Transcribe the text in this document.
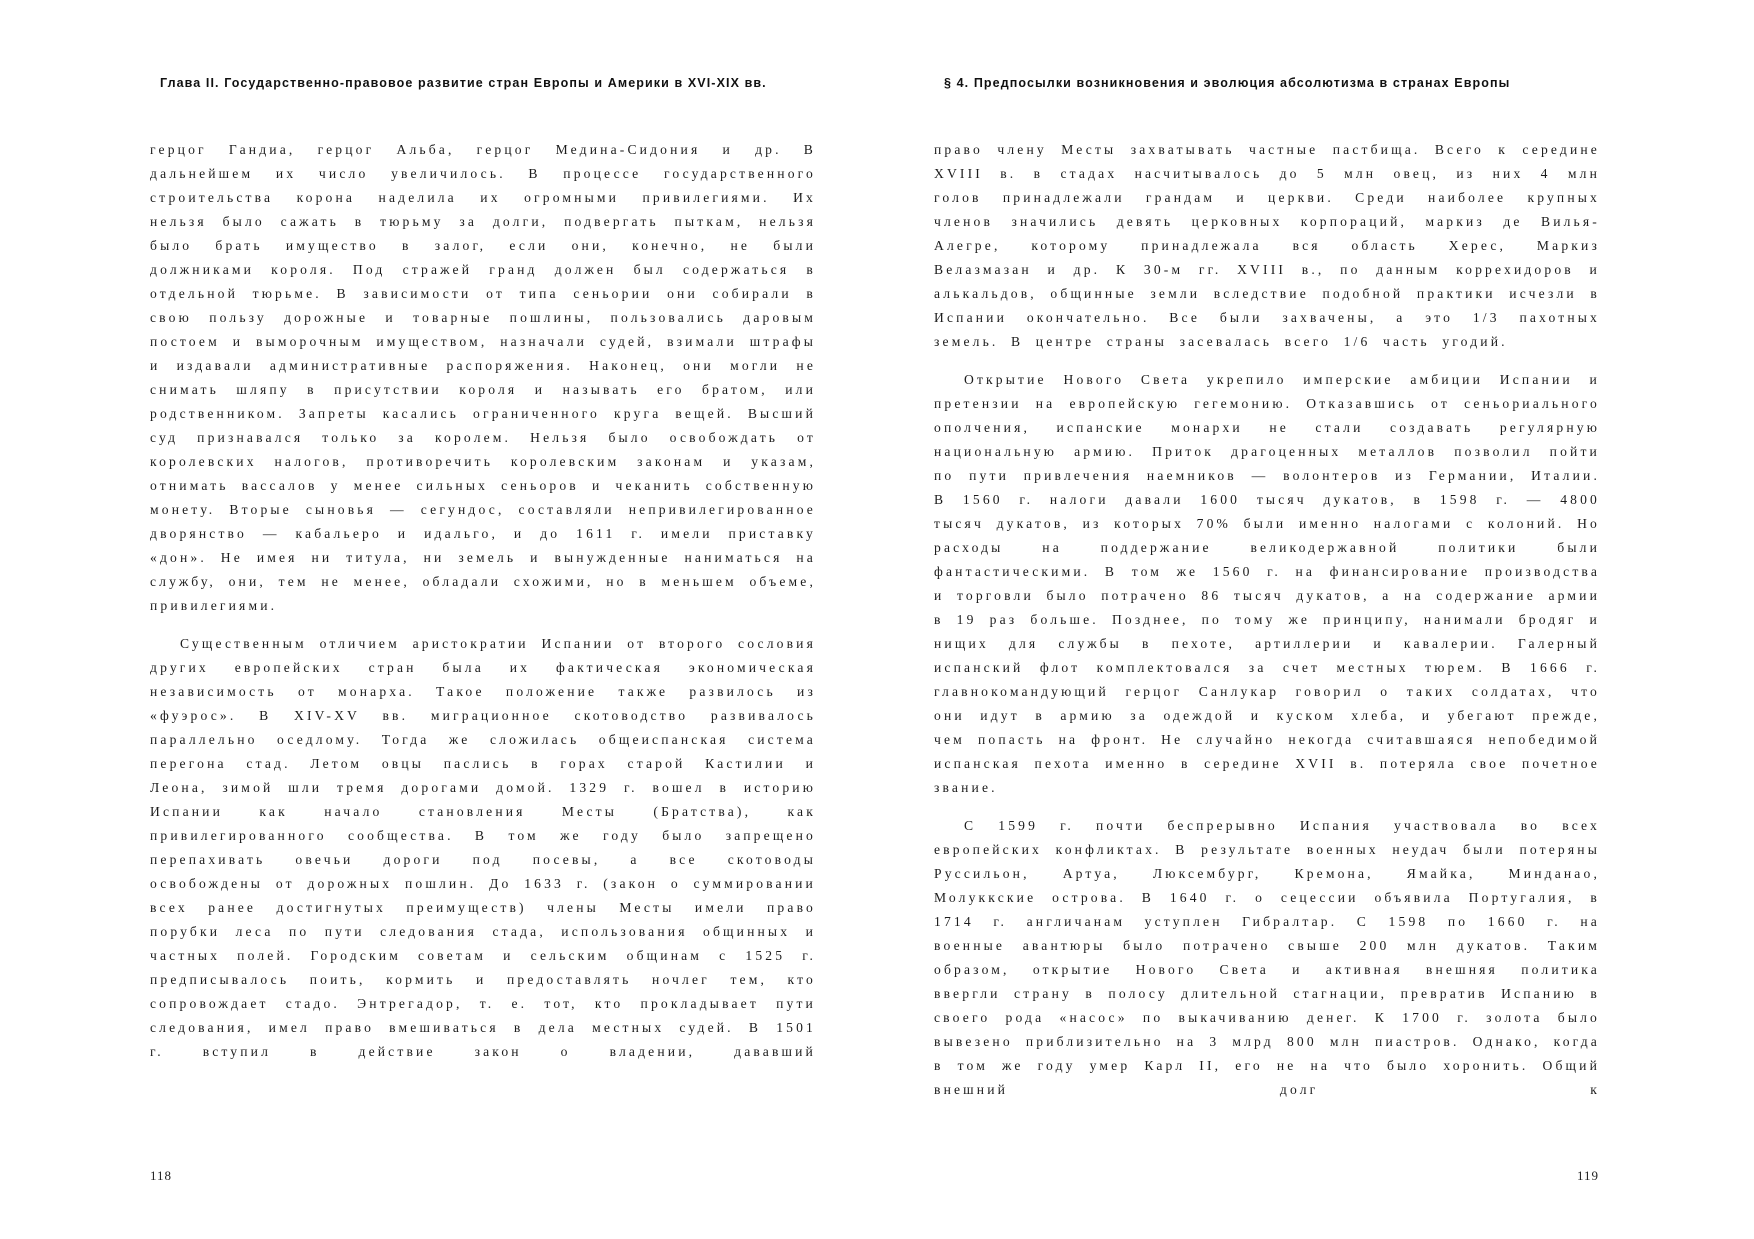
Глава II. Государственно-правовое развитие стран Европы и Америки в XVI-XIX вв.

герцог Гандиа, герцог Альба, герцог Медина-Сидония и др. В дальнейшем их число увеличилось. В процессе государственного строительства корона наделила их огромными привилегиями. Их нельзя было сажать в тюрьму за долги, подвергать пыткам, нельзя было брать имущество в залог, если они, конечно, не были должниками короля. Под стражей гранд должен был содержаться в отдельной тюрьме. В зависимости от типа сеньории они собирали в свою пользу дорожные и товарные пошлины, пользовались даровым постоем и выморочным имуществом, назначали судей, взимали штрафы и издавали административные распоряжения. Наконец, они могли не снимать шляпу в присутствии короля и называть его братом, или родственником. Запреты касались ограниченного круга вещей. Высший суд признавался только за королем. Нельзя было освобождать от королевских налогов, противоречить королевским законам и указам, отнимать вассалов у менее сильных сеньоров и чеканить собственную монету. Вторые сыновья — сегундос, составляли непривилегированное дворянство — кабальеро и идальго, и до 1611 г. имели приставку «дон». Не имея ни титула, ни земель и вынужденные наниматься на службу, они, тем не менее, обладали схожими, но в меньшем объеме, привилегиями.

Существенным отличием аристократии Испании от второго сословия других европейских стран была их фактическая экономическая независимость от монарха. Такое положение также развилось из «фуэрос». В XIV-XV вв. миграционное скотоводство развивалось параллельно оседлому. Тогда же сложилась общеиспанская система перегона стад. Летом овцы паслись в горах старой Кастилии и Леона, зимой шли тремя дорогами домой. 1329 г. вошел в историю Испании как начало становления Месты (Братства), как привилегированного сообщества. В том же году было запрещено перепахивать овечьи дороги под посевы, а все скотоводы освобождены от дорожных пошлин. До 1633 г. (закон о суммировании всех ранее достигнутых преимуществ) члены Месты имели право порубки леса по пути следования стада, использования общинных и частных полей. Городским советам и сельским общинам с 1525 г. предписывалось поить, кормить и предоставлять ночлег тем, кто сопровождает стадо. Энтрегадор, т. е. тот, кто прокладывает пути следования, имел право вмешиваться в дела местных судей. В 1501 г. вступил в действие закон о владении, дававший

118
§ 4. Предпосылки возникновения и эволюция абсолютизма в странах Европы

право члену Месты захватывать частные пастбища. Всего к середине XVIII в. в стадах насчитывалось до 5 млн овец, из них 4 млн голов принадлежали грандам и церкви. Среди наиболее крупных членов значились девять церковных корпораций, маркиз де Вилья-Алегре, которому принадлежала вся область Херес, Маркиз Велазмазан и др. К 30-м гг. XVIII в., по данным коррехидоров и алькальдов, общинные земли вследствие подобной практики исчезли в Испании окончательно. Все были захвачены, а это 1/3 пахотных земель. В центре страны засевалась всего 1/6 часть угодий.

Открытие Нового Света укрепило имперские амбиции Испании и претензии на европейскую гегемонию. Отказавшись от сеньориального ополчения, испанские монархи не стали создавать регулярную национальную армию. Приток драгоценных металлов позволил пойти по пути привлечения наемников — волонтеров из Германии, Италии. В 1560 г. налоги давали 1600 тысяч дукатов, в 1598 г. — 4800 тысяч дукатов, из которых 70% были именно налогами с колоний. Но расходы на поддержание великодержавной политики были фантастическими. В том же 1560 г. на финансирование производства и торговли было потрачено 86 тысяч дукатов, а на содержание армии в 19 раз больше. Позднее, по тому же принципу, нанимали бродяг и нищих для службы в пехоте, артиллерии и кавалерии. Галерный испанский флот комплектовался за счет местных тюрем. В 1666 г. главнокомандующий герцог Санлукар говорил о таких солдатах, что они идут в армию за одеждой и куском хлеба, и убегают прежде, чем попасть на фронт. Не случайно некогда считавшаяся непобедимой испанская пехота именно в середине XVII в. потеряла свое почетное звание.

С 1599 г. почти беспрерывно Испания участвовала во всех европейских конфликтах. В результате военных неудач были потеряны Руссильон, Артуа, Люксембург, Кремона, Ямайка, Минданао, Молуккские острова. В 1640 г. о сецессии объявила Португалия, в 1714 г. англичанам уступлен Гибралтар. С 1598 по 1660 г. на военные авантюры было потрачено свыше 200 млн дукатов. Таким образом, открытие Нового Света и активная внешняя политика ввергли страну в полосу длительной стагнации, превратив Испанию в своего рода «насос» по выкачиванию денег. К 1700 г. золота было вывезено приблизительно на 3 млрд 800 млн пиастров. Однако, когда в том же году умер Карл II, его не на что было хоронить. Общий внешний долг к

119
